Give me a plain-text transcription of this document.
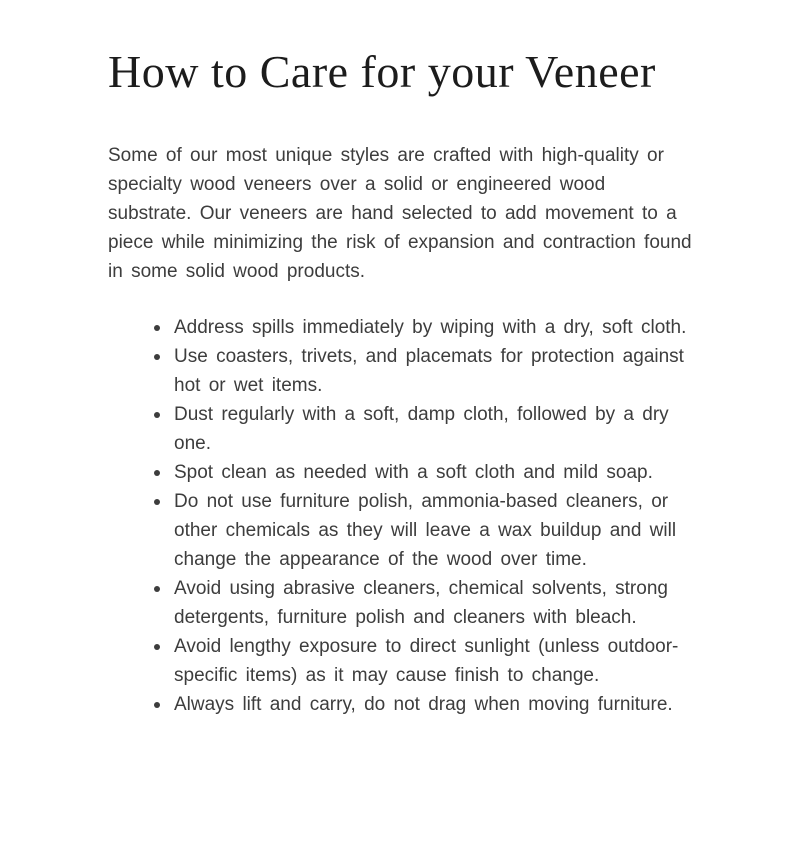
How to Care for your Veneer

Some of our most unique styles are crafted with high-quality or specialty wood veneers over a solid or engineered wood substrate. Our veneers are hand selected to add movement to a piece while minimizing the risk of expansion and contraction found in some solid wood products.

Address spills immediately by wiping with a dry, soft cloth.
Use coasters, trivets, and placemats for protection against hot or wet items.
Dust regularly with a soft, damp cloth, followed by a dry one.
Spot clean as needed with a soft cloth and mild soap.
Do not use furniture polish, ammonia-based cleaners, or other chemicals as they will leave a wax buildup and will change the appearance of the wood over time.
Avoid using abrasive cleaners, chemical solvents, strong detergents, furniture polish and cleaners with bleach.
Avoid lengthy exposure to direct sunlight (unless outdoor-specific items) as it may cause finish to change.
Always lift and carry, do not drag when moving furniture.
